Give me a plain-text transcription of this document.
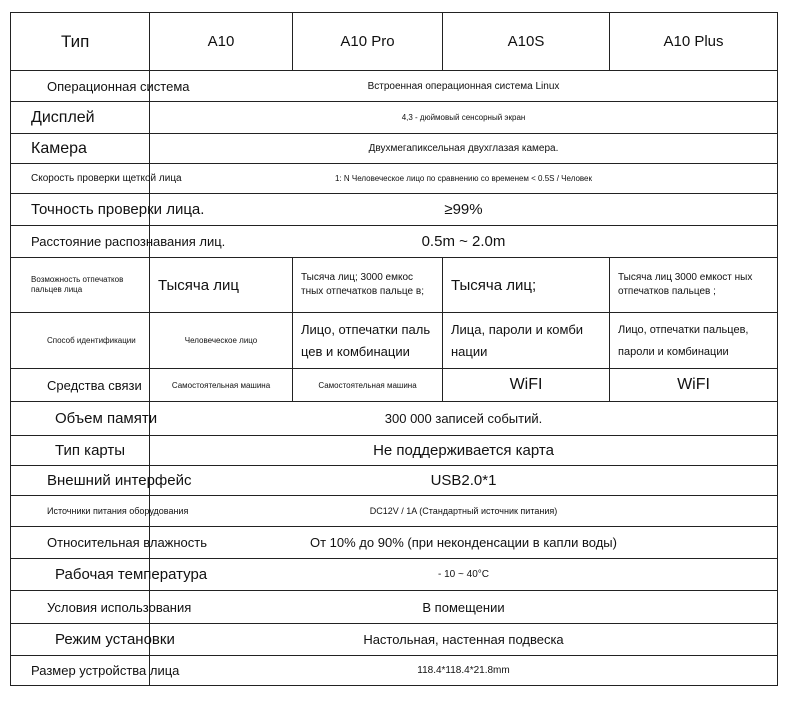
Тип	A10	A10 Pro	A10S	A10 Plus
Операционная система	Встроенная операционная система Linux			
Дисплей	4,3 - дюймовый сенсорный экран			
Камера	Двухмегапиксельная двухглазая камера.			
Скорость проверки щеткой лица	1: N Человеческое лицо по сравнению со временем < 0.5S / Человек			
Точность проверки лица.	≥99%			
Расстояние распознавания лиц.	0.5m ~ 2.0m			
Возможность отпечатков пальцев лица	Тысяча лиц	Тысяча лиц; 3000 емкос тных отпечатков пальце в;	Тысяча лиц;	Тысяча лиц 3000 емкост ных отпечатков пальцев ;
Способ идентификации	Человеческое лицо	Лицо, отпечатки паль цев и комбинации	Лица, пароли и комби нации	Лицо, отпечатки пальцев, пароли и комбинации
Средства связи	Самостоятельная машина	Самостоятельная машина	WiFI	WiFI
Объем памяти	300 000 записей событий.			
Тип карты	Не поддерживается карта			
Внешний интерфейс	USB2.0*1			
Источники питания оборудования	DC12V / 1A (Стандартный источник питания)			
Относительная влажность	От 10% до 90% (при неконденсации в капли воды)			
Рабочая температура	- 10 ~ 40°C			
Условия использования	В помещении			
Режим установки	Настольная, настенная подвеска			
Размер устройства лица	118.4*118.4*21.8mm			
